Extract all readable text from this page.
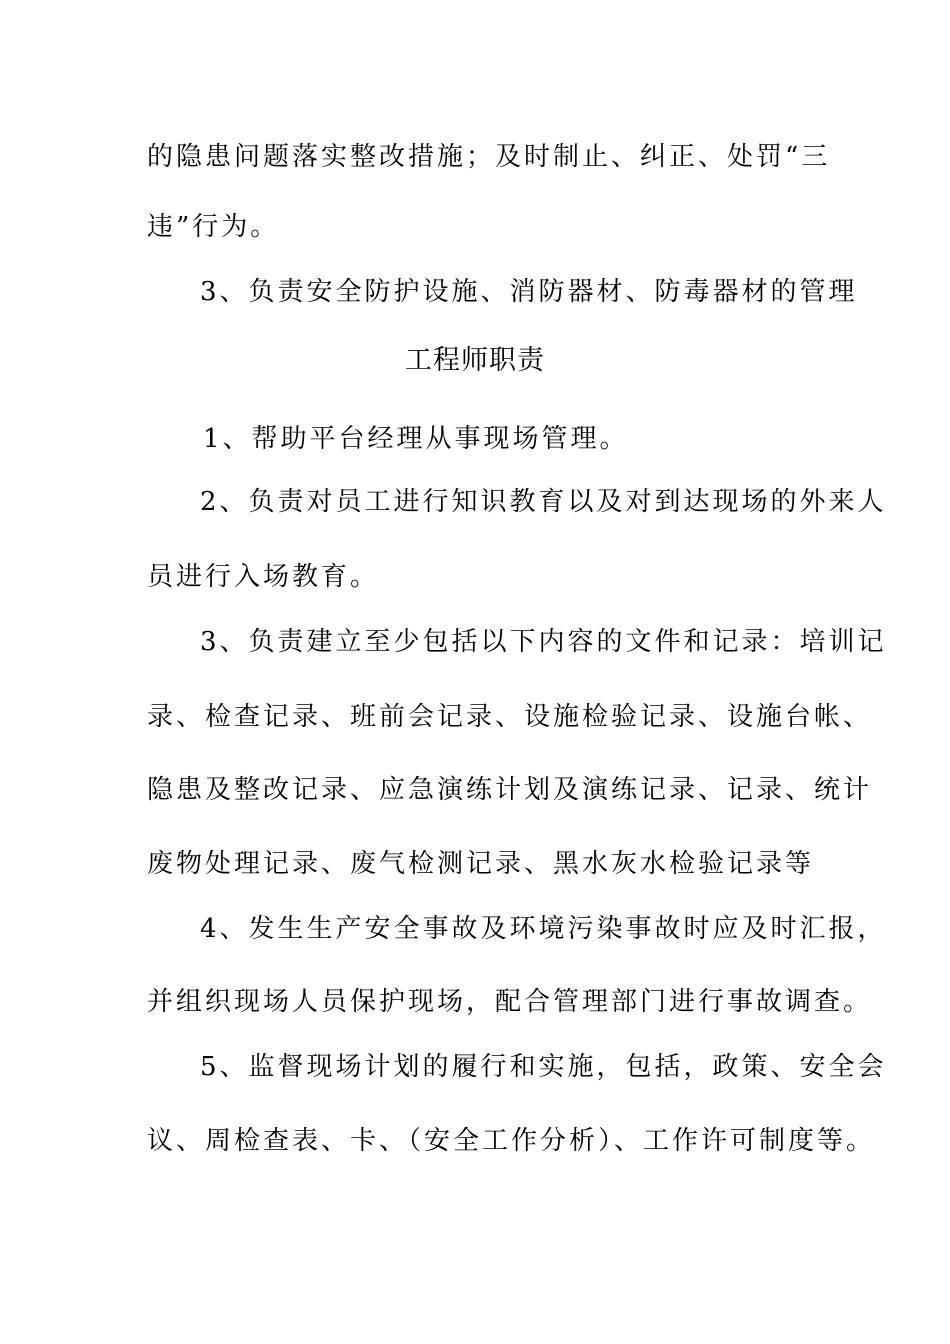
的隐患问题落实整改措施；及时制止、纠正、处罚“三
违”行为。
3、负责安全防护设施、消防器材、防毒器材的管理
工程师职责
1、帮助平台经理从事现场管理。
2、负责对员工进行知识教育以及对到达现场的外来人
员进行入场教育。
3、负责建立至少包括以下内容的文件和记录：培训记
录、检查记录、班前会记录、设施检验记录、设施台帐、
隐患及整改记录、应急演练计划及演练记录、记录、统计
废物处理记录、废气检测记录、黑水灰水检验记录等
4、发生生产安全事故及环境污染事故时应及时汇报，
并组织现场人员保护现场，配合管理部门进行事故调查。
5、监督现场计划的履行和实施，包括，政策、安全会
议、周检查表、卡、（安全工作分析）、工作许可制度等。
